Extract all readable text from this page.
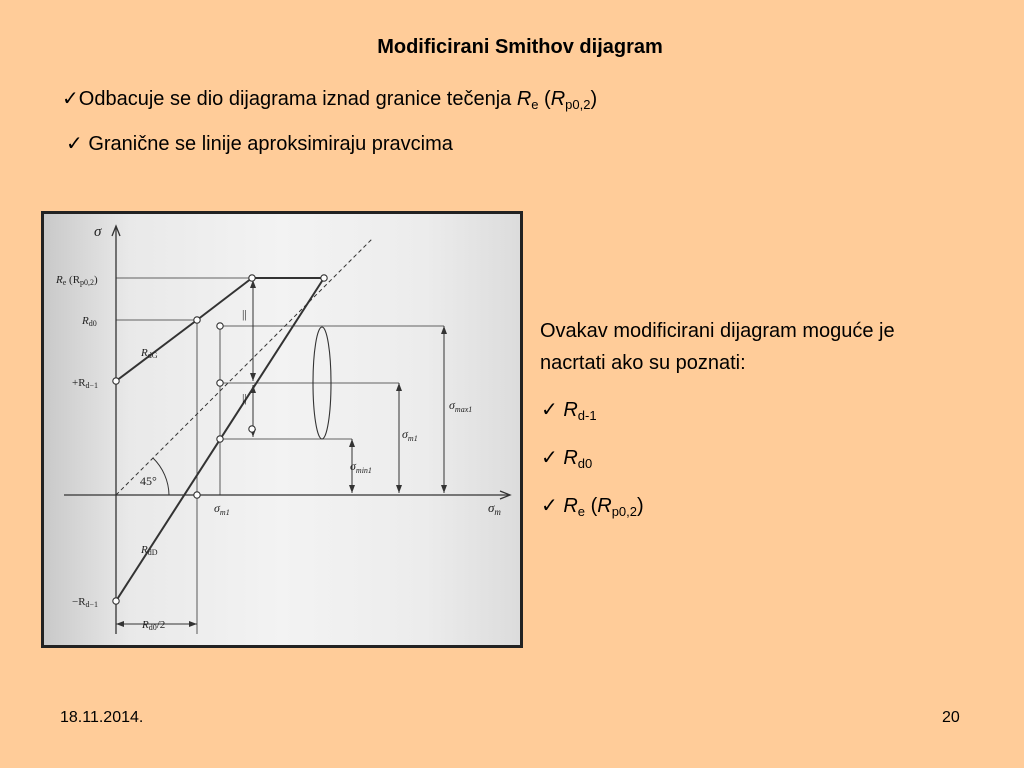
Modificirani Smithov dijagram
✓Odbacuje se dio dijagrama iznad granice tečenja $R_e$ $(R_{p0,2})$
✓ Granične se linije aproksimiraju pravcima
σ
$\sigma_m$
Re (Rp0,2)
Rd0
+Rd−1
−Rd−1
RdG
RdD
45°
$\sigma_{m1}$
$\sigma_{max1}$
$\sigma_{m1}$
$\sigma_{min1}$
Rd0/2
||
||
Ovakav modificirani dijagram moguće je
nacrtati ako su poznati:
✓ $R_{d-1}$
✓ $R_{d0}$
✓ $R_e$ $(R_{p0,2})$
18.11.2014.	20
